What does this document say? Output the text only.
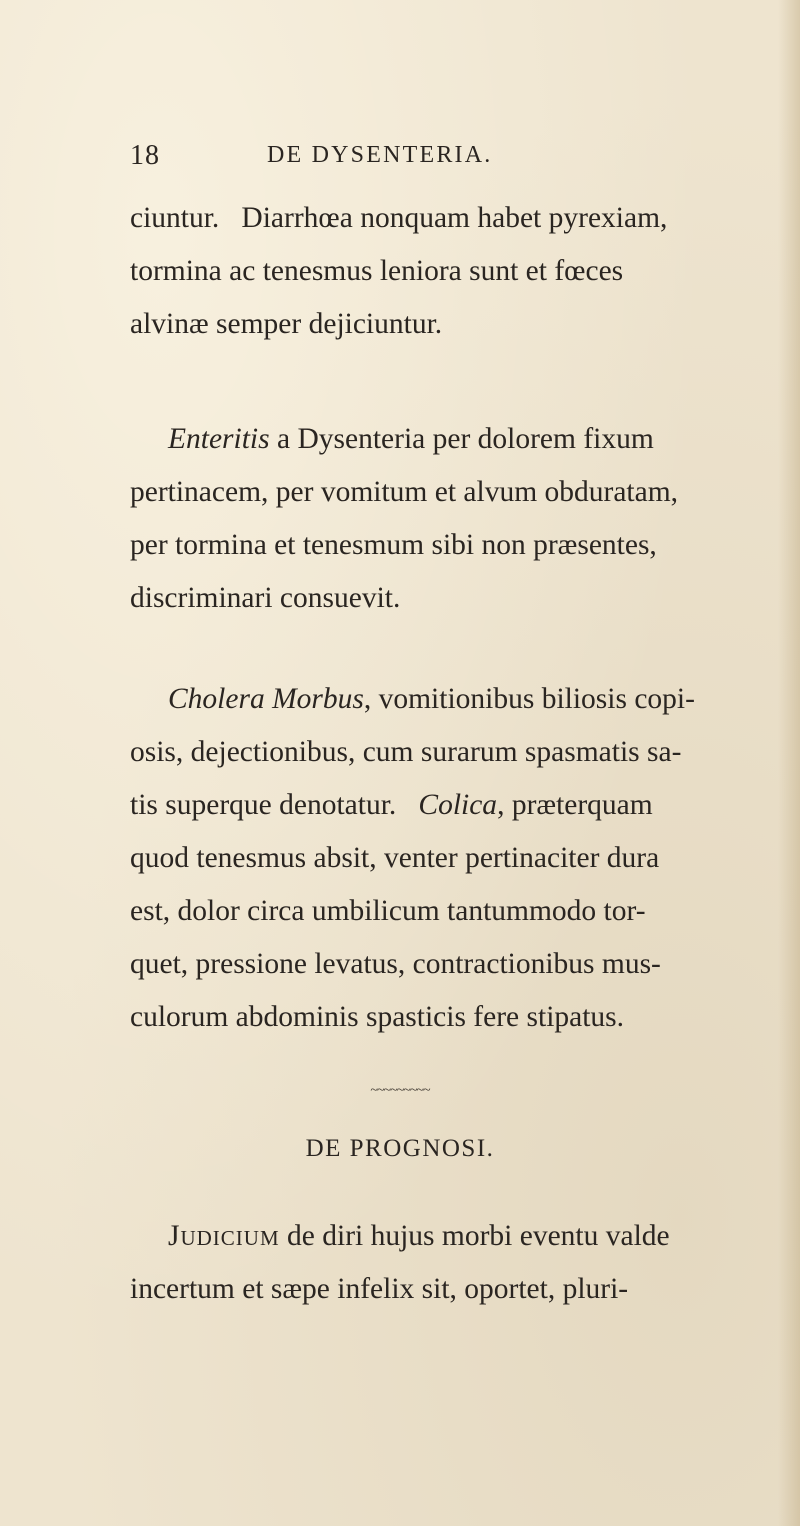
18	DE DYSENTERIA.
ciuntur.   Diarrhœa nonquam habet pyrexiam,
tormina ac tenesmus leniora sunt et fœces
alvinæ semper dejiciuntur.
Enteritis a Dysenteria per dolorem fixum
pertinacem, per vomitum et alvum obduratam,
per tormina et tenesmum sibi non præsentes,
discriminari consuevit.
Cholera Morbus, vomitionibus biliosis copi-
osis, dejectionibus, cum surarum spasmatis sa-
tis superque denotatur.   Colica, præterquam
quod tenesmus absit, venter pertinaciter dura
est, dolor circa umbilicum tantummodo tor-
quet, pressione levatus, contractionibus mus-
culorum abdominis spasticis fere stipatus.
~~~~~~~~~
DE PROGNOSI.
Judicium de diri hujus morbi eventu valde
incertum et sæpe infelix sit, oportet, pluri-
